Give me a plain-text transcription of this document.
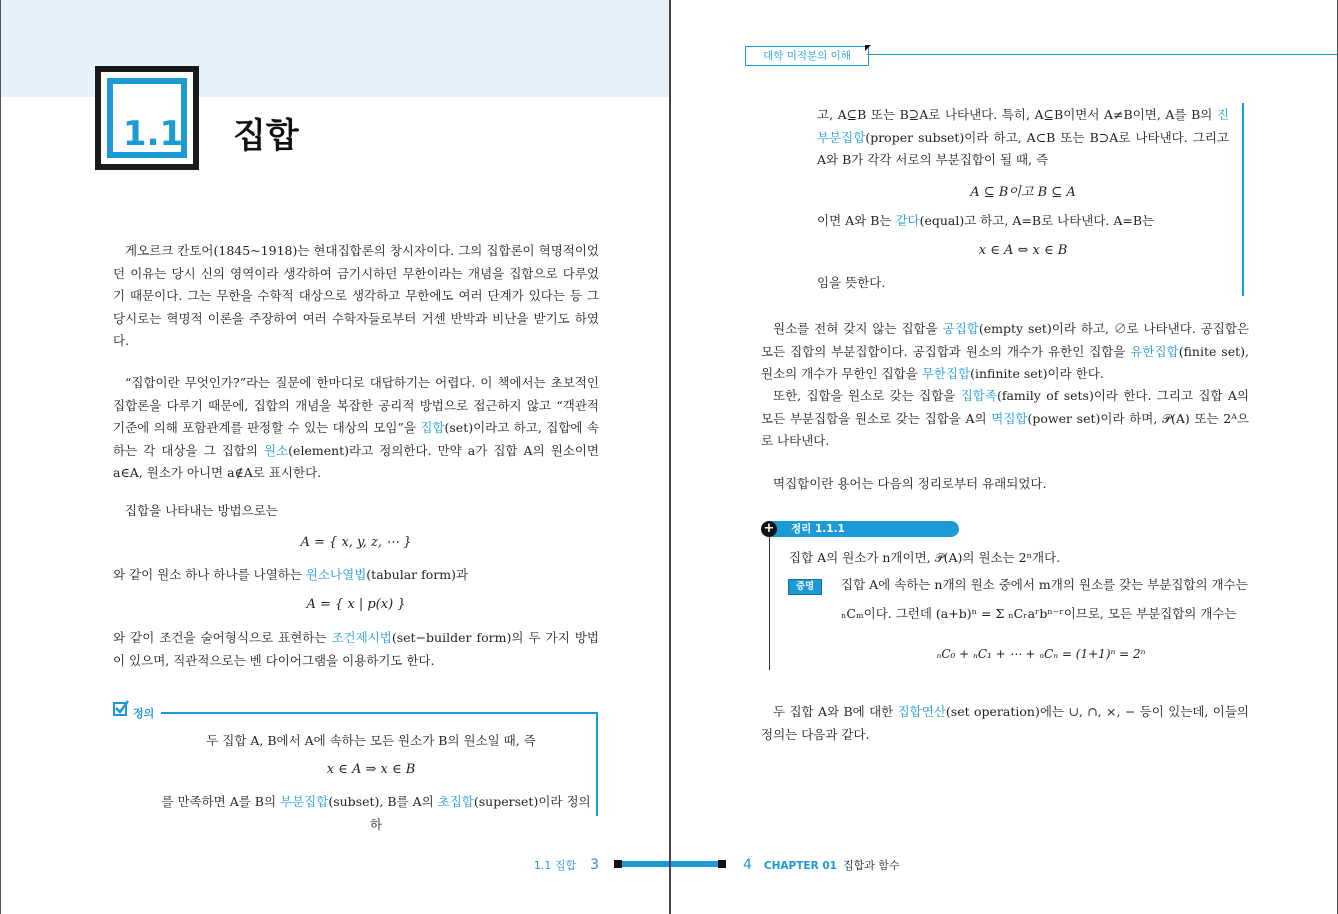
1.1	집합

게오르크 칸토어(1845~1918)는 현대집합론의 창시자이다. 그의 집합론이 혁명적이었던 이유는 당시 신의 영역이라 생각하여 금기시하던 무한이라는 개념을 집합으로 다루었기 때문이다. 그는 무한을 수학적 대상으로 생각하고 무한에도 여러 단계가 있다는 등 그 당시로는 혁명적 이론을 주장하여 여러 수학자들로부터 거센 반박과 비난을 받기도 하였다.

“집합이란 무엇인가?”라는 질문에 한마디로 대답하기는 어렵다. 이 책에서는 초보적인 집합론을 다루기 때문에, 집합의 개념을 복잡한 공리적 방법으로 접근하지 않고 “객관적 기준에 의해 포함관계를 판정할 수 있는 대상의 모임”을 집합(set)이라고 하고, 집합에 속하는 각 대상을 그 집합의 원소(element)라고 정의한다. 만약 a가 집합 A의 원소이면 a∈A, 원소가 아니면 a∉A로 표시한다.

집합을 나타내는 방법으로는

A = { x, y, z, ⋯ }

와 같이 원소 하나 하나를 나열하는 원소나열법(tabular form)과

A = { x | p(x) }

와 같이 조건을 술어형식으로 표현하는 조건제시법(set−builder form)의 두 가지 방법이 있으며, 직관적으로는 벤 다이어그램을 이용하기도 한다.

정의
두 집합 A, B에서 A에 속하는 모든 원소가 B의 원소일 때, 즉
x ∈ A ⇒ x ∈ B
를 만족하면 A를 B의 부분집합(subset), B를 A의 초집합(superset)이라 정의하
1.1 집합 3
대학 미적분의 이해

고, A⊆B 또는 B⊇A로 나타낸다. 특히, A⊆B이면서 A≠B이면, A를 B의 진부분집합(proper subset)이라 하고, A⊂B 또는 B⊃A로 나타낸다. 그리고 A와 B가 각각 서로의 부분집합이 될 때, 즉

A ⊆ B이고 B ⊆ A

이면 A와 B는 같다(equal)고 하고, A=B로 나타낸다. A=B는

x ∈ A ⇔ x ∈ B

임을 뜻한다.

원소를 전혀 갖지 않는 집합을 공집합(empty set)이라 하고, ∅로 나타낸다. 공집합은 모든 집합의 부분집합이다. 공집합과 원소의 개수가 유한인 집합을 유한집합(finite set), 원소의 개수가 무한인 집합을 무한집합(infinite set)이라 한다.

또한, 집합을 원소로 갖는 집합을 집합족(family of sets)이라 한다. 그리고 집합 A의 모든 부분집합을 원소로 갖는 집합을 A의 멱집합(power set)이라 하며, 𝒫(A) 또는 2ᴬ으로 나타낸다.

멱집합이란 용어는 다음의 정리로부터 유래되었다.

+ 정리 1.1.1

집합 A의 원소가 n개이면, 𝒫(A)의 원소는 2ⁿ개다.

증명	집합 A에 속하는 n개의 원소 중에서 m개의 원소를 갖는 부분집합의 개수는

ₙCₘ이다. 그런데 (a+b)ⁿ = Σ ₙCᵣaʳbⁿ⁻ʳ이므로, 모든 부분집합의 개수는

ₙC₀ + ₙC₁ + ⋯ + ₙCₙ = (1+1)ⁿ = 2ⁿ

두 집합 A와 B에 대한 집합연산(set operation)에는 ∪, ∩, ×, − 등이 있는데, 이들의 정의는 다음과 같다.

4 CHAPTER 01 집합과 함수
